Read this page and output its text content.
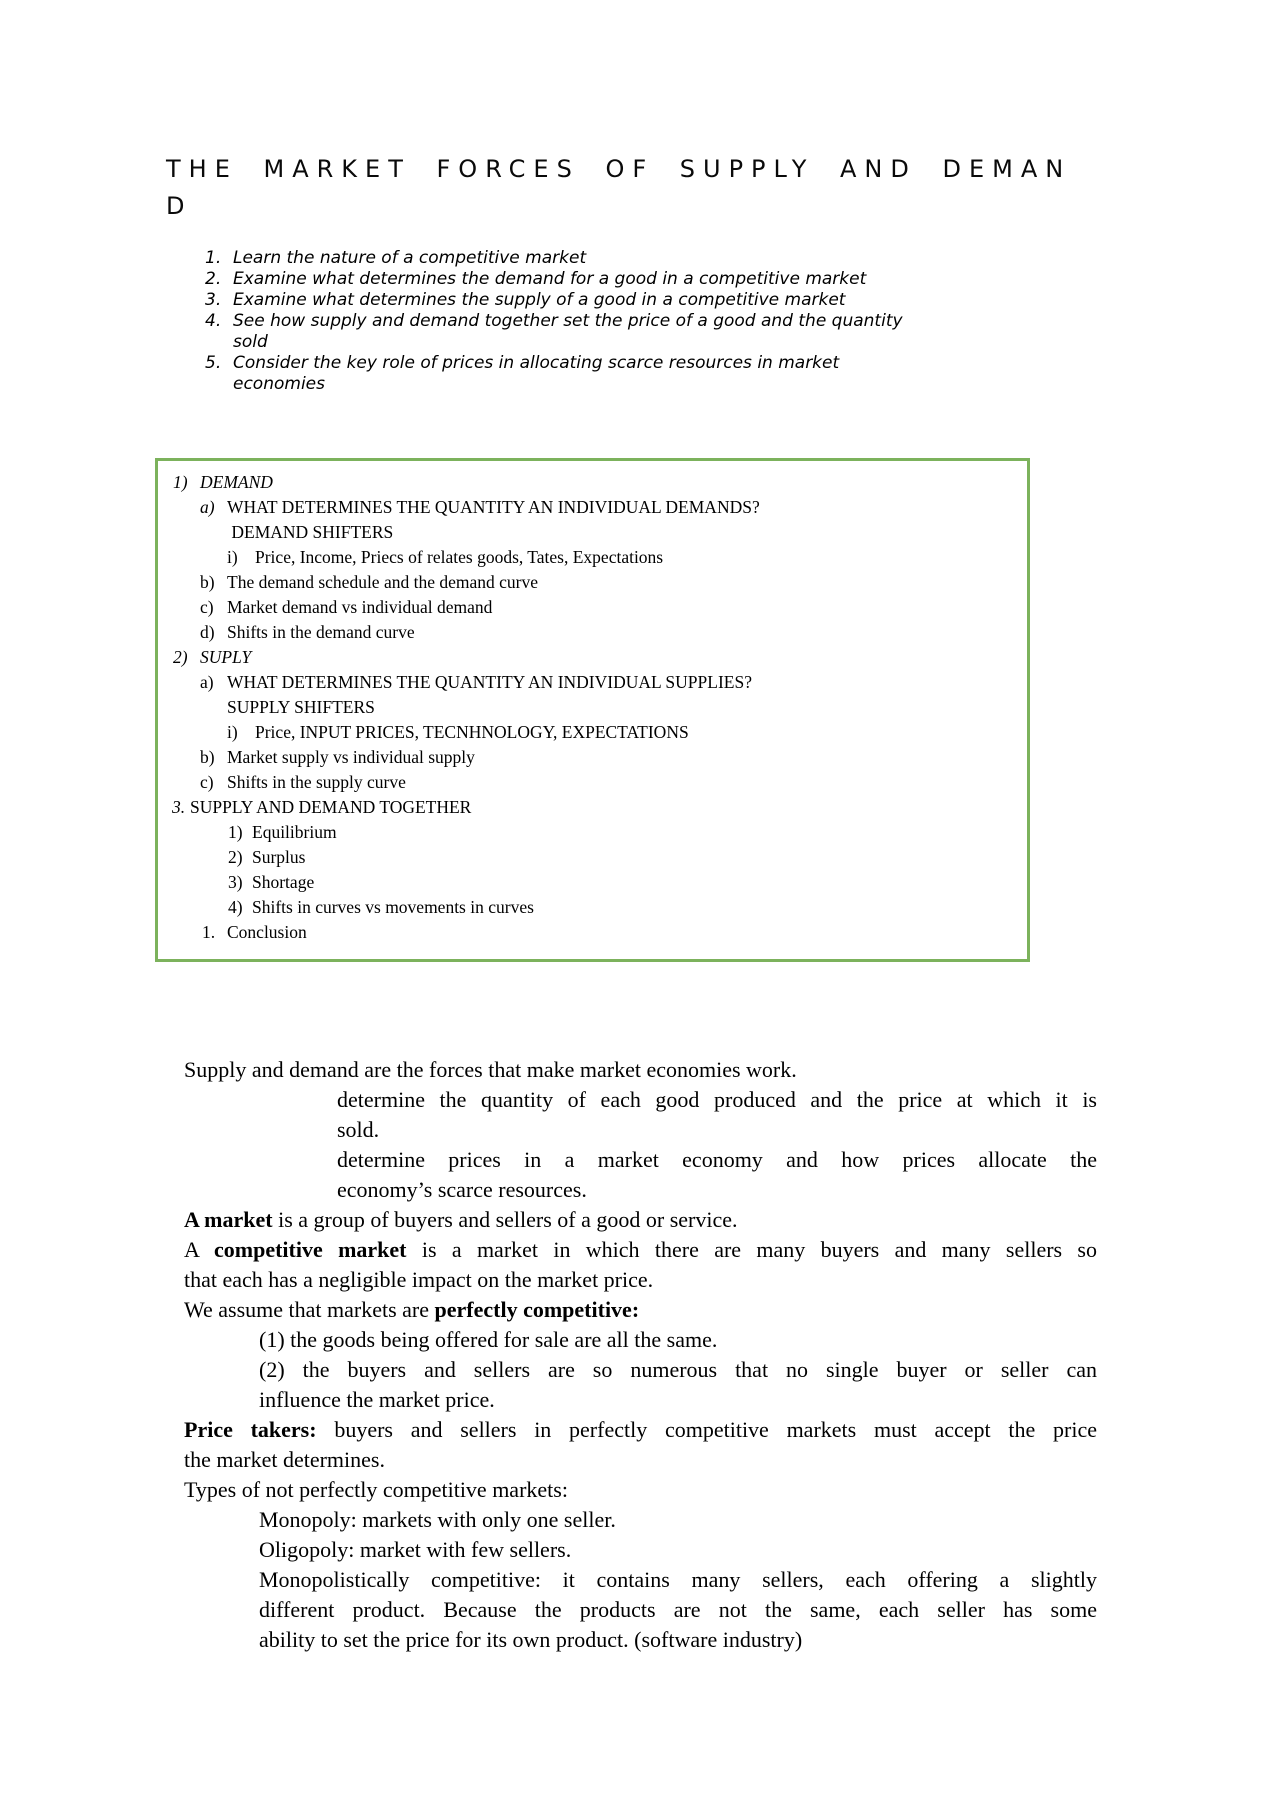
THE MARKET FORCES OF SUPPLY AND DEMAN
D
1. Learn the nature of a competitive market
2. Examine what determines the demand for a good in a competitive market
3. Examine what determines the supply of a good in a competitive market
4. See how supply and demand together set the price of a good and the quantity
sold
5. Consider the key role of prices in allocating scarce resources in market
economies
1) DEMAND
a) WHAT DETERMINES THE QUANTITY AN INDIVIDUAL DEMANDS?
DEMAND SHIFTERS
i) Price, Income, Priecs of relates goods, Tates, Expectations
b) The demand schedule and the demand curve
c) Market demand vs individual demand
d) Shifts in the demand curve
2) SUPLY
a) WHAT DETERMINES THE QUANTITY AN INDIVIDUAL SUPPLIES?
SUPPLY SHIFTERS
i) Price, INPUT PRICES, TECNHNOLOGY, EXPECTATIONS
b) Market supply vs individual supply
c) Shifts in the supply curve
3. SUPPLY AND DEMAND TOGETHER
1) Equilibrium
2) Surplus
3) Shortage
4) Shifts in curves vs movements in curves
1. Conclusion
Supply and demand are the forces that make market economies work.
determine the quantity of each good produced and the price at which it is
sold.
determine prices in a market economy and how prices allocate the
economy’s scarce resources.
A market is a group of buyers and sellers of a good or service.
A competitive market is a market in which there are many buyers and many sellers so
that each has a negligible impact on the market price.
We assume that markets are perfectly competitive:
(1) the goods being offered for sale are all the same.
(2) the buyers and sellers are so numerous that no single buyer or seller can
influence the market price.
Price takers: buyers and sellers in perfectly competitive markets must accept the price
the market determines.
Types of not perfectly competitive markets:
Monopoly: markets with only one seller.
Oligopoly: market with few sellers.
Monopolistically competitive: it contains many sellers, each offering a slightly
different product. Because the products are not the same, each seller has some
ability to set the price for its own product. (software industry)
